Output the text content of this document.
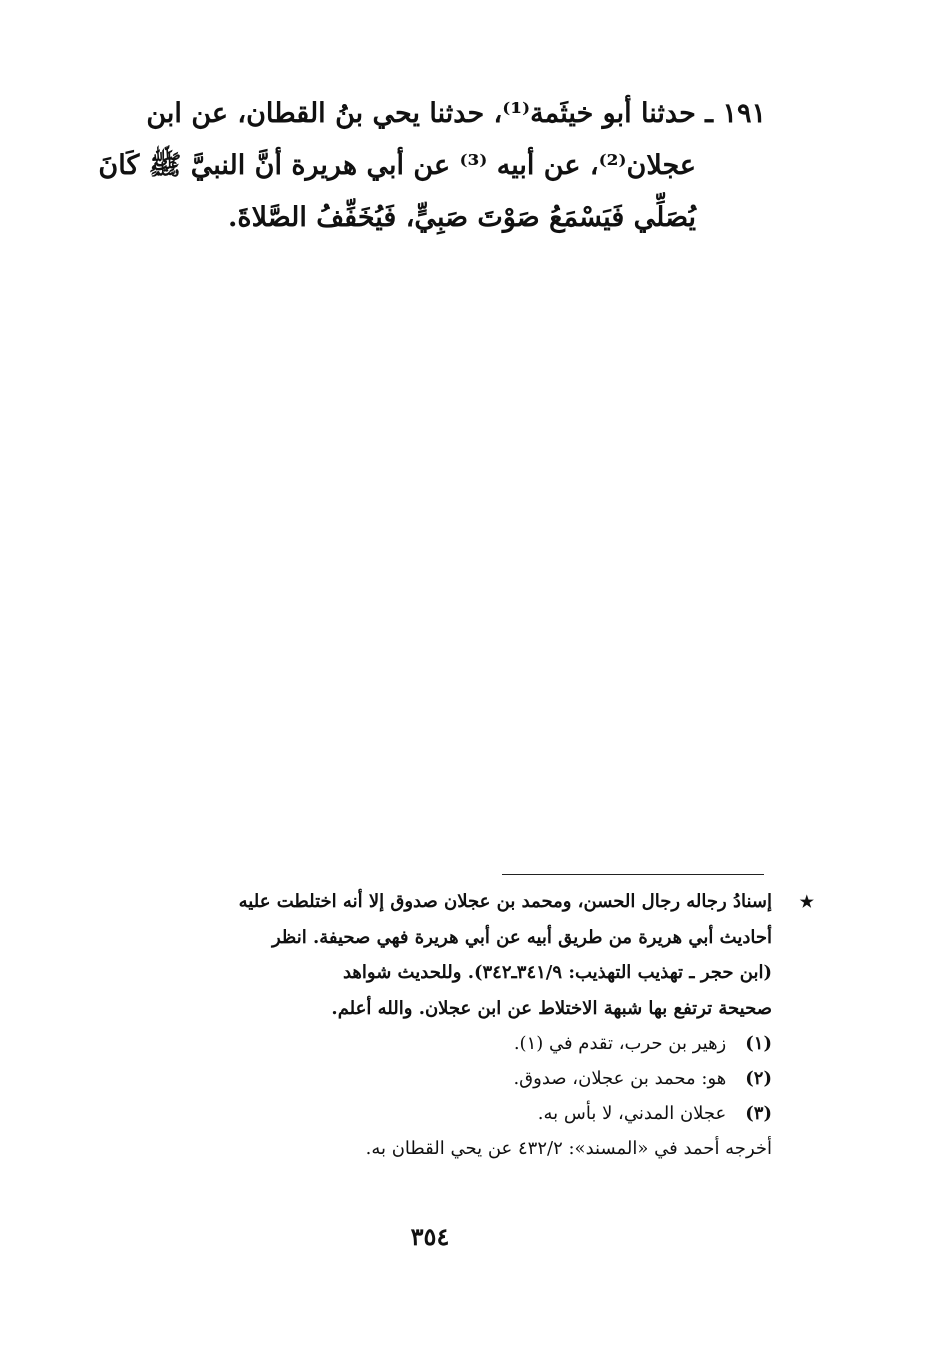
١٩١ ـ حدثنا أبو خيثَمة⁽¹⁾، حدثنا يحي بنُ القطان، عن ابن
عجلان⁽²⁾، عن أبيه ⁽³⁾ عن أبي هريرة أنَّ النبيَّ ﷺ كَانَ
يُصَلِّي فَيَسْمَعُ صَوْتَ صَبِيٍّ، فَيُخَفِّفُ الصَّلاةَ.
★
إسنادُ رجاله رجال الحسن، ومحمد بن عجلان صدوق إلا أنه اختلطت عليه
أحاديث أبي هريرة من طريق أبيه عن أبي هريرة فهي صحيفة. انظر
(ابن حجر ـ تهذيب التهذيب: ٣٤١/٩ـ٣٤٢). وللحديث شواهد
صحيحة ترتفع بها شبهة الاختلاط عن ابن عجلان. والله أعلم.
(١) زهير بن حرب، تقدم في (١).
(٢) هو: محمد بن عجلان، صدوق.
(٣) عجلان المدني، لا بأس به.
أخرجه أحمد في «المسند»: ٤٣٢/٢ عن يحي القطان به.
٣٥٤
